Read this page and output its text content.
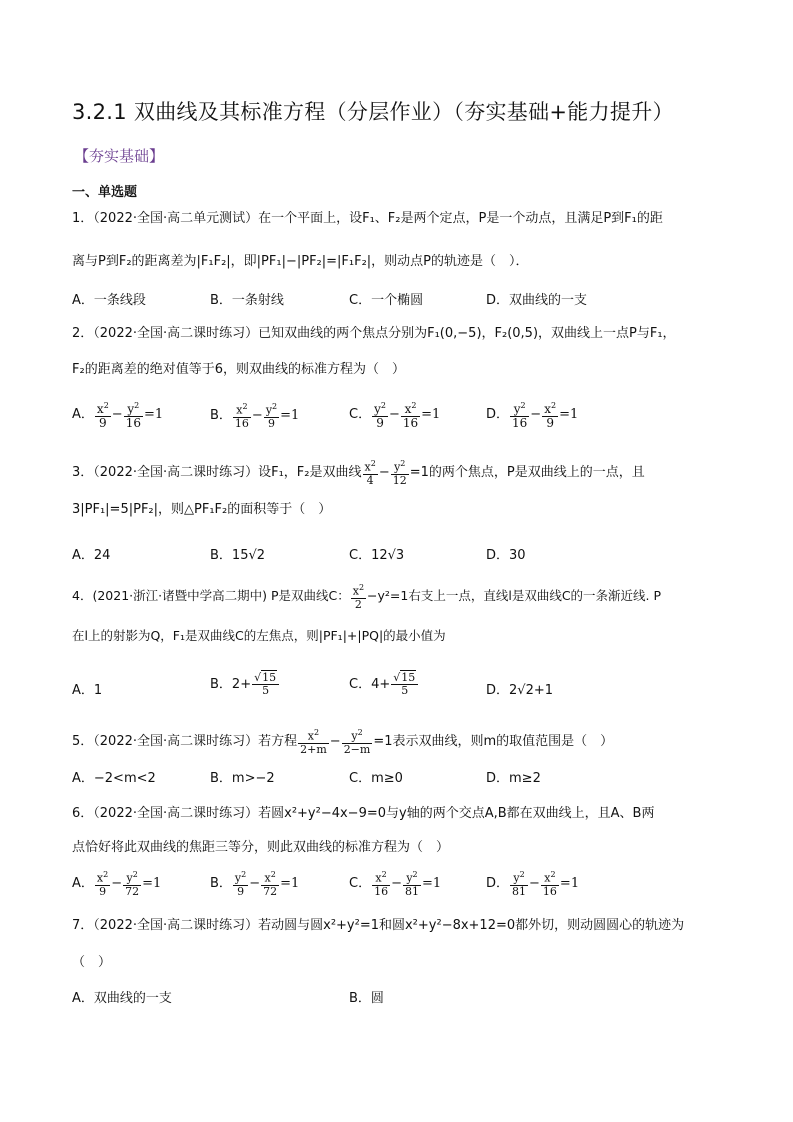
3.2.1 双曲线及其标准方程（分层作业）（夯实基础+能力提升）
【夯实基础】
一、单选题
1．（2022·全国·高二单元测试）在一个平面上，设F₁、F₂是两个定点，P是一个动点，且满足P到F₁的距
离与P到F₂的距离差为|F₁F₂|，即|PF₁|−|PF₂|=|F₁F₂|，则动点P的轨迹是（　）．
A．一条线段	B．一条射线	C．一个椭圆	D．双曲线的一支
2．（2022·全国·高二课时练习）已知双曲线的两个焦点分别为F₁(0,−5)，F₂(0,5)，双曲线上一点P与F₁，
F₂的距离差的绝对值等于6，则双曲线的标准方程为（　）
A． $\frac{x^2}{9} - \frac{y^2}{16} =1$	B． $\frac{x^2}{16} - \frac{y^2}{9} =1$	C． $\frac{y^2}{9} - \frac{x^2}{16} =1$	D． $\frac{y^2}{16} - \frac{x^2}{9} =1$
3．（2022·全国·高二课时练习）设F₁，F₂是双曲线 $\frac{x^2}{4} - \frac{y^2}{12} =1$的两个焦点，P是双曲线上的一点，且
3|PF₁|=5|PF₂|，则△PF₁F₂的面积等于（　）
A．24	B．15√2	C．12√3	D．30
4．(2021·浙江·诸暨中学高二期中) P是双曲线C： $\frac{x^2}{2} -y^2=1$右支上一点，直线l是双曲线C的一条渐近线. P
在l上的射影为Q，F₁是双曲线C的左焦点，则|PF₁|+|PQ|的最小值为
A．1	B．$2+ \frac{√15}{5}$	C．$4+ \frac{√15}{5}$	D．2√2+1
5．（2022·全国·高二课时练习）若方程 $\frac{x^2}{2+m} - \frac{y^2}{2-m} =1$表示双曲线，则m的取值范围是（　）
A．−2<m<2	B．m>−2	C．m≥0	D．m≥2
6．（2022·全国·高二课时练习）若圆x²+y²−4x−9=0与y轴的两个交点A,B都在双曲线上，且A、B两
点恰好将此双曲线的焦距三等分，则此双曲线的标准方程为（　）
A． $\frac{x^2}{9} - \frac{y^2}{72} =1$	B． $\frac{y^2}{9} - \frac{x^2}{72} =1$	C． $\frac{x^2}{16} - \frac{y^2}{81} =1$	D． $\frac{y^2}{81} - \frac{x^2}{16} =1$
7．（2022·全国·高二课时练习）若动圆与圆x²+y²=1和圆x²+y²−8x+12=0都外切，则动圆圆心的轨迹为
（　）
A．双曲线的一支	B．圆
